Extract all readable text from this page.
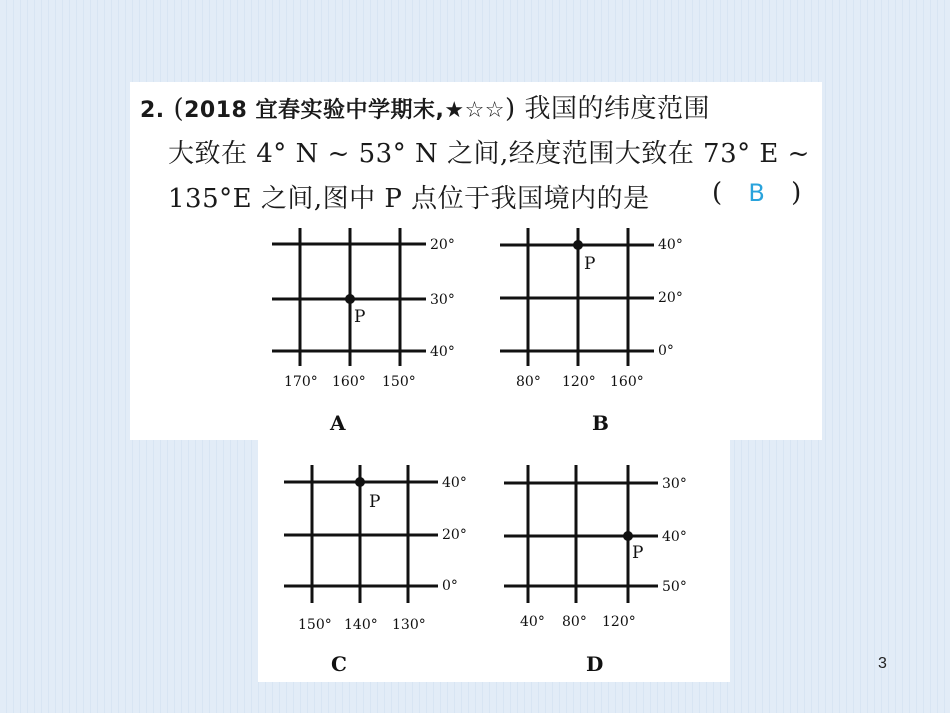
2. (2018 宜春实验中学期末,★☆☆) 我国的纬度范围
大致在 4° N ~ 53° N 之间,经度范围大致在 73° E ~
135°E 之间,图中 P 点位于我国境内的是 ( B )
P
20°
30°
40°
170° 160° 150°
A
P
40°
20°
0°
80° 120° 160°
B
P
40°
20°
0°
150° 140° 130°
C
P
30°
40°
50°
40° 80° 120°
D	3
